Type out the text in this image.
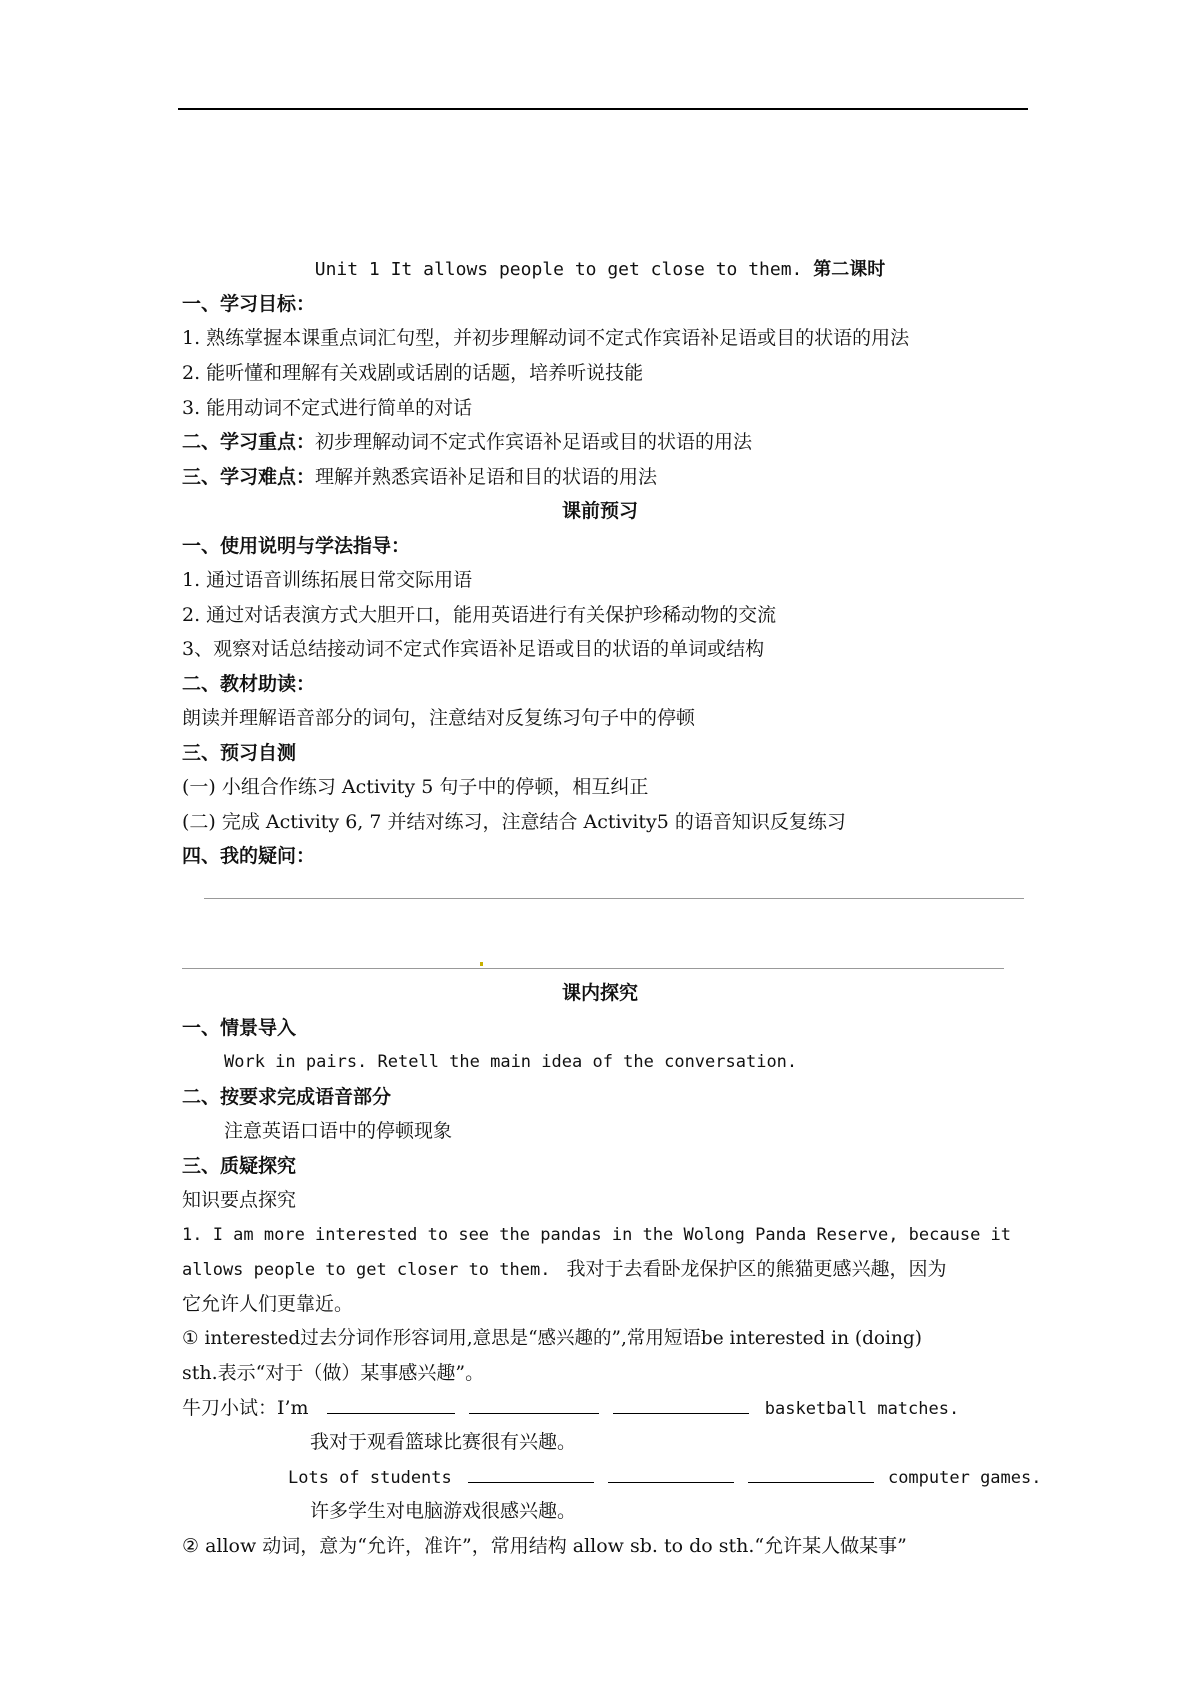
Unit 1 It allows people to get close to them. 第二课时
一、学习目标：
1. 熟练掌握本课重点词汇句型，并初步理解动词不定式作宾语补足语或目的状语的用法
2. 能听懂和理解有关戏剧或话剧的话题，培养听说技能
3. 能用动词不定式进行简单的对话
二、学习重点：初步理解动词不定式作宾语补足语或目的状语的用法
三、学习难点：理解并熟悉宾语补足语和目的状语的用法
课前预习
一、使用说明与学法指导：
1. 通过语音训练拓展日常交际用语
2. 通过对话表演方式大胆开口，能用英语进行有关保护珍稀动物的交流
3、观察对话总结接动词不定式作宾语补足语或目的状语的单词或结构
二、教材助读：
朗读并理解语音部分的词句，注意结对反复练习句子中的停顿
三、预习自测
(一) 小组合作练习 Activity 5 句子中的停顿，相互纠正
(二) 完成 Activity 6, 7 并结对练习，注意结合 Activity5 的语音知识反复练习
四、我的疑问：
课内探究
一、情景导入
Work in pairs. Retell the main idea of the conversation.
二、按要求完成语音部分
注意英语口语中的停顿现象
三、质疑探究
知识要点探究
1. I am more interested to see the pandas in the Wolong Panda Reserve, because it
allows people to get closer to them. 我对于去看卧龙保护区的熊猫更感兴趣，因为
它允许人们更靠近。
① interested过去分词作形容词用,意思是“感兴趣的”,常用短语be interested in (doing)
sth.表示“对于（做）某事感兴趣”。
牛刀小试：I’m	basketball matches.
我对于观看篮球比赛很有兴趣。
Lots of students	computer games.
许多学生对电脑游戏很感兴趣。
② allow 动词，意为“允许，准许”，常用结构 allow sb. to do sth.“允许某人做某事”
